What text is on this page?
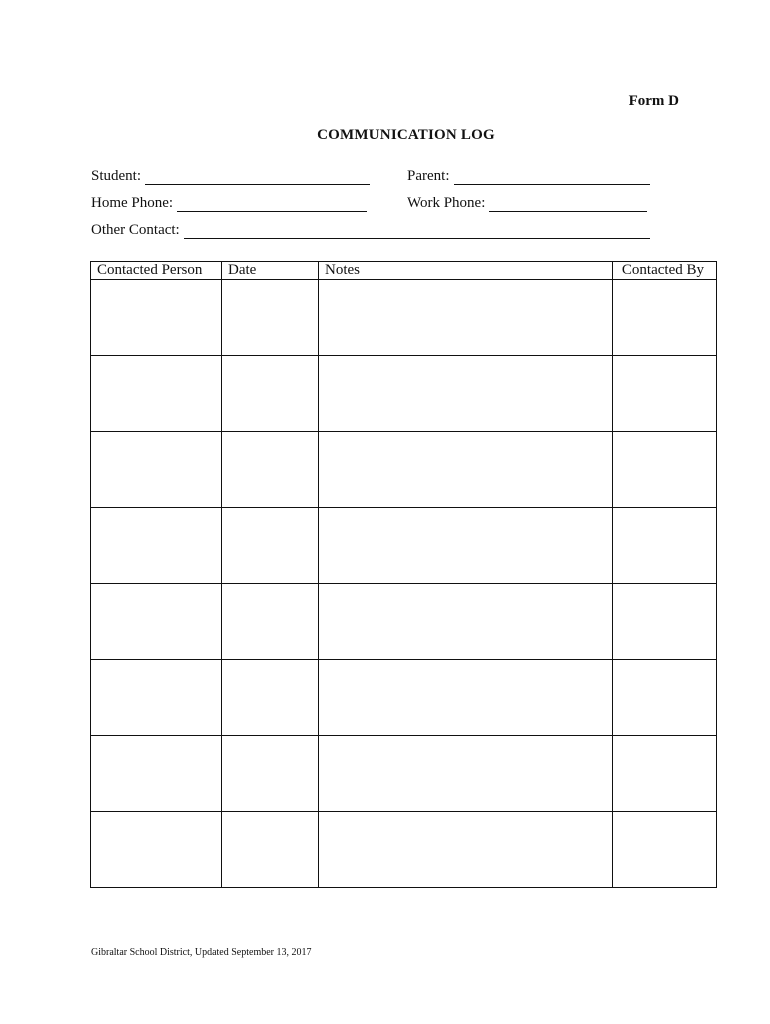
Form D
COMMUNICATION LOG
Student:	Parent:
Home Phone:	Work Phone:
Other Contact:
Contacted Person	Date	Notes	Contacted By

Gibraltar School District, Updated September 13, 2017
